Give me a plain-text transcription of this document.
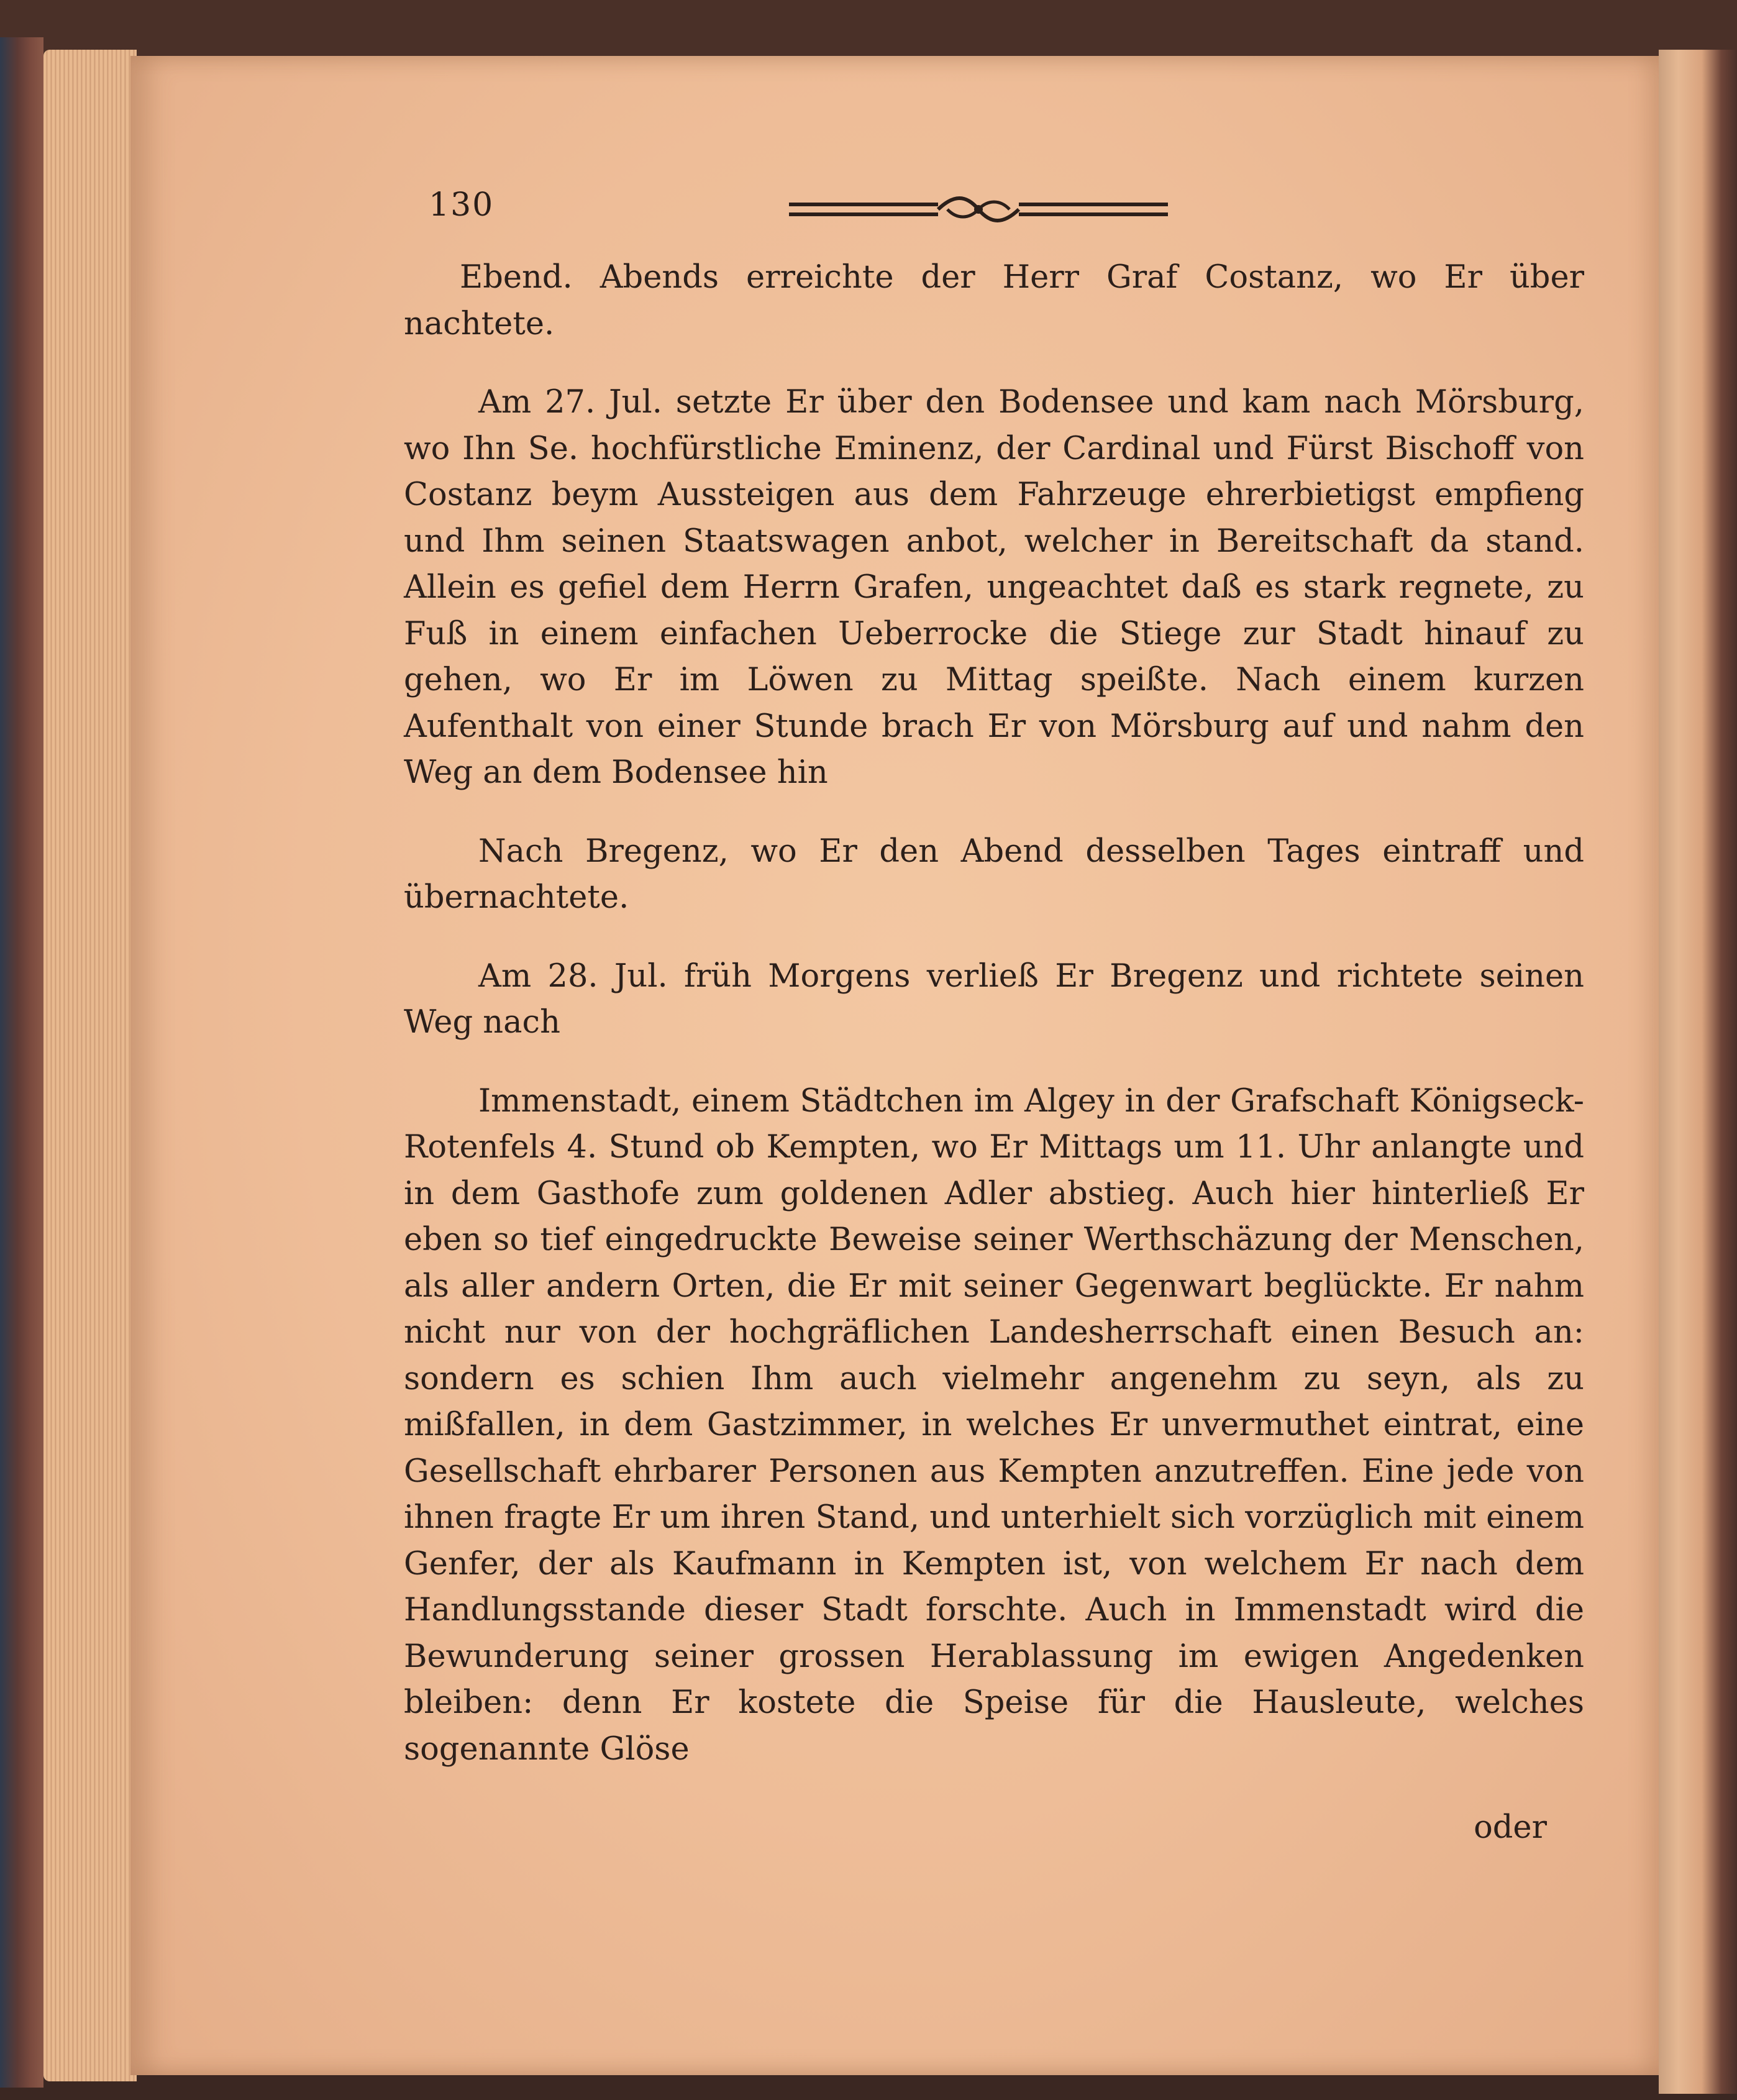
130

Ebend. Abends erreichte der Herr Graf Costanz, wo Er über nachtete.

Am 27. Jul. setzte Er über den Bodensee und kam nach Mörsburg, wo Ihn Se. hochfürstliche Eminenz, der Cardinal und Fürst Bischoff von Costanz beym Aussteigen aus dem Fahrzeuge ehrerbietigst empfieng und Ihm seinen Staatswagen anbot, welcher in Bereitschaft da stand. Allein es gefiel dem Herrn Grafen, ungeachtet daß es stark regnete, zu Fuß in einem einfachen Ueberrocke die Stiege zur Stadt hinauf zu gehen, wo Er im Löwen zu Mittag speißte. Nach einem kurzen Aufenthalt von einer Stunde brach Er von Mörsburg auf und nahm den Weg an dem Bodensee hin

Nach Bregenz, wo Er den Abend desselben Tages eintraff und übernachtete.

Am 28. Jul. früh Morgens verließ Er Bregenz und richtete seinen Weg nach

Immenstadt, einem Städtchen im Algey in der Grafschaft Königseck-Rotenfels 4. Stund ob Kempten, wo Er Mittags um 11. Uhr anlangte und in dem Gasthofe zum goldenen Adler abstieg. Auch hier hinterließ Er eben so tief eingedruckte Beweise seiner Werthschäzung der Menschen, als aller andern Orten, die Er mit seiner Gegenwart beglückte. Er nahm nicht nur von der hochgräflichen Landesherrschaft einen Besuch an: sondern es schien Ihm auch vielmehr angenehm zu seyn, als zu mißfallen, in dem Gastzimmer, in welches Er unvermuthet eintrat, eine Gesellschaft ehrbarer Personen aus Kempten anzutreffen. Eine jede von ihnen fragte Er um ihren Stand, und unterhielt sich vorzüglich mit einem Genfer, der als Kaufmann in Kempten ist, von welchem Er nach dem Handlungsstande dieser Stadt forschte. Auch in Immenstadt wird die Bewunderung seiner grossen Herablassung im ewigen Angedenken bleiben: denn Er kostete die Speise für die Hausleute, welches sogenannte Glöse

oder
